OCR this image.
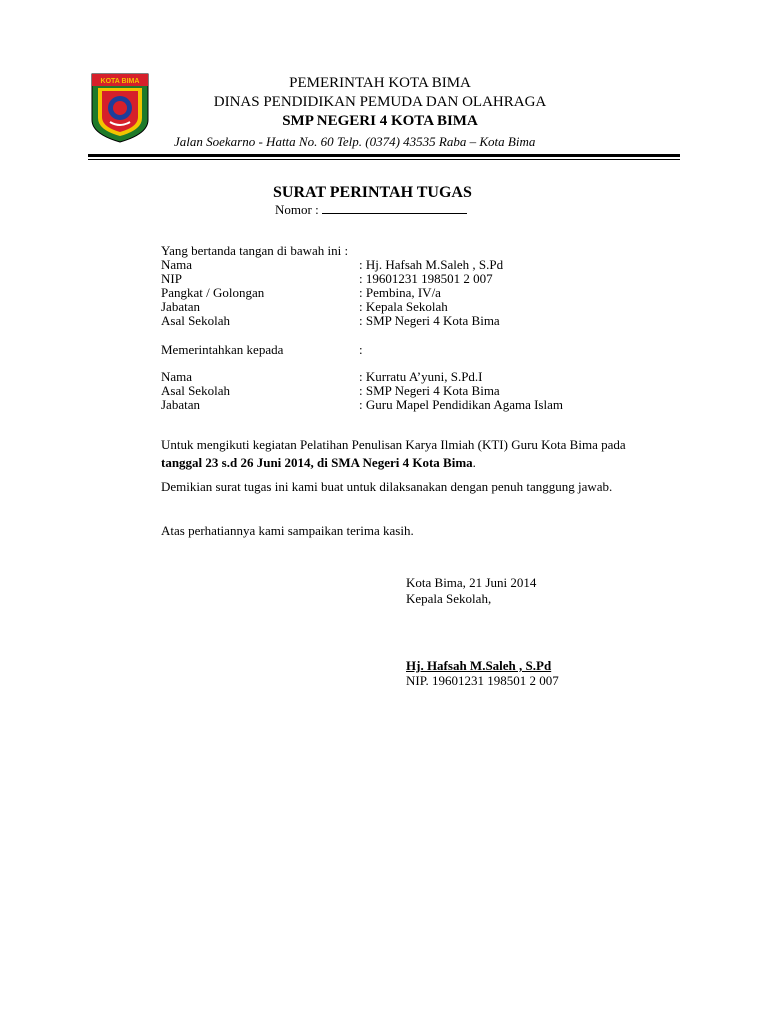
KOTA BIMA	PEMERINTAH KOTA BIMA
DINAS PENDIDIKAN PEMUDA DAN OLAHRAGA
SMP NEGERI 4 KOTA BIMA
Jalan Soekarno - Hatta No. 60 Telp. (0374) 43535 Raba – Kota Bima
SURAT PERINTAH TUGAS
Nomor :
Yang bertanda tangan di bawah ini :
Nama	: Hj. Hafsah M.Saleh , S.Pd
NIP	: 19601231 198501 2 007
Pangkat / Golongan	: Pembina, IV/a
Jabatan	: Kepala Sekolah
Asal Sekolah	: SMP Negeri 4 Kota Bima
Memerintahkan kepada	:
Nama	: Kurratu A’yuni, S.Pd.I
Asal Sekolah	: SMP Negeri 4 Kota Bima
Jabatan	: Guru Mapel Pendidikan Agama Islam
Untuk mengikuti kegiatan Pelatihan Penulisan Karya Ilmiah (KTI) Guru Kota Bima pada tanggal 23 s.d 26 Juni 2014, di SMA Negeri 4 Kota Bima.
Demikian surat tugas ini kami buat untuk dilaksanakan dengan penuh tanggung jawab.
Atas perhatiannya kami sampaikan terima kasih.
Kota Bima, 21 Juni 2014
Kepala Sekolah,
Hj. Hafsah M.Saleh , S.Pd
NIP. 19601231 198501 2 007
